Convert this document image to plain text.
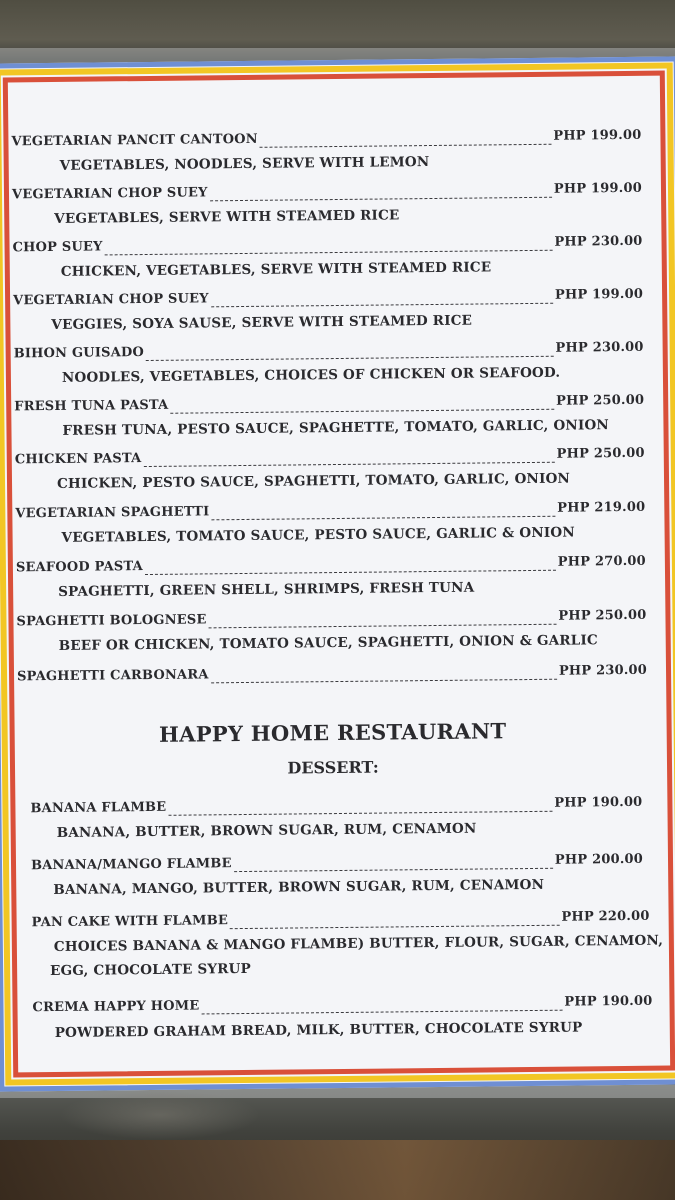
VEGETARIAN PANCIT CANTOON	PHP 199.00
VEGETABLES, NOODLES, SERVE WITH LEMON
VEGETARIAN CHOP SUEY	PHP 199.00
VEGETABLES, SERVE WITH STEAMED RICE
CHOP SUEY	PHP 230.00
CHICKEN, VEGETABLES, SERVE WITH STEAMED RICE
VEGETARIAN CHOP SUEY	PHP 199.00
VEGGIES, SOYA SAUSE, SERVE WITH STEAMED RICE
BIHON GUISADO	PHP 230.00
NOODLES, VEGETABLES, CHOICES OF CHICKEN OR SEAFOOD.
FRESH TUNA PASTA	PHP 250.00
FRESH TUNA, PESTO SAUCE, SPAGHETTE, TOMATO, GARLIC, ONION
CHICKEN PASTA	PHP 250.00
CHICKEN, PESTO SAUCE, SPAGHETTI, TOMATO, GARLIC, ONION
VEGETARIAN SPAGHETTI	PHP 219.00
VEGETABLES, TOMATO SAUCE, PESTO SAUCE, GARLIC & ONION
SEAFOOD PASTA	PHP 270.00
SPAGHETTI, GREEN SHELL, SHRIMPS, FRESH TUNA
SPAGHETTI BOLOGNESE	PHP 250.00
BEEF OR CHICKEN, TOMATO SAUCE, SPAGHETTI, ONION & GARLIC
SPAGHETTI CARBONARA	PHP 230.00
HAPPY HOME RESTAURANT
DESSERT:
BANANA FLAMBE	PHP 190.00
BANANA, BUTTER, BROWN SUGAR, RUM, CENAMON
BANANA/MANGO FLAMBE	PHP 200.00
BANANA, MANGO, BUTTER, BROWN SUGAR, RUM, CENAMON
PAN CAKE WITH FLAMBE	PHP 220.00
CHOICES BANANA & MANGO FLAMBE) BUTTER, FLOUR, SUGAR, CENAMON,
EGG, CHOCOLATE SYRUP
CREMA HAPPY HOME	PHP 190.00
POWDERED GRAHAM BREAD, MILK, BUTTER, CHOCOLATE SYRUP
